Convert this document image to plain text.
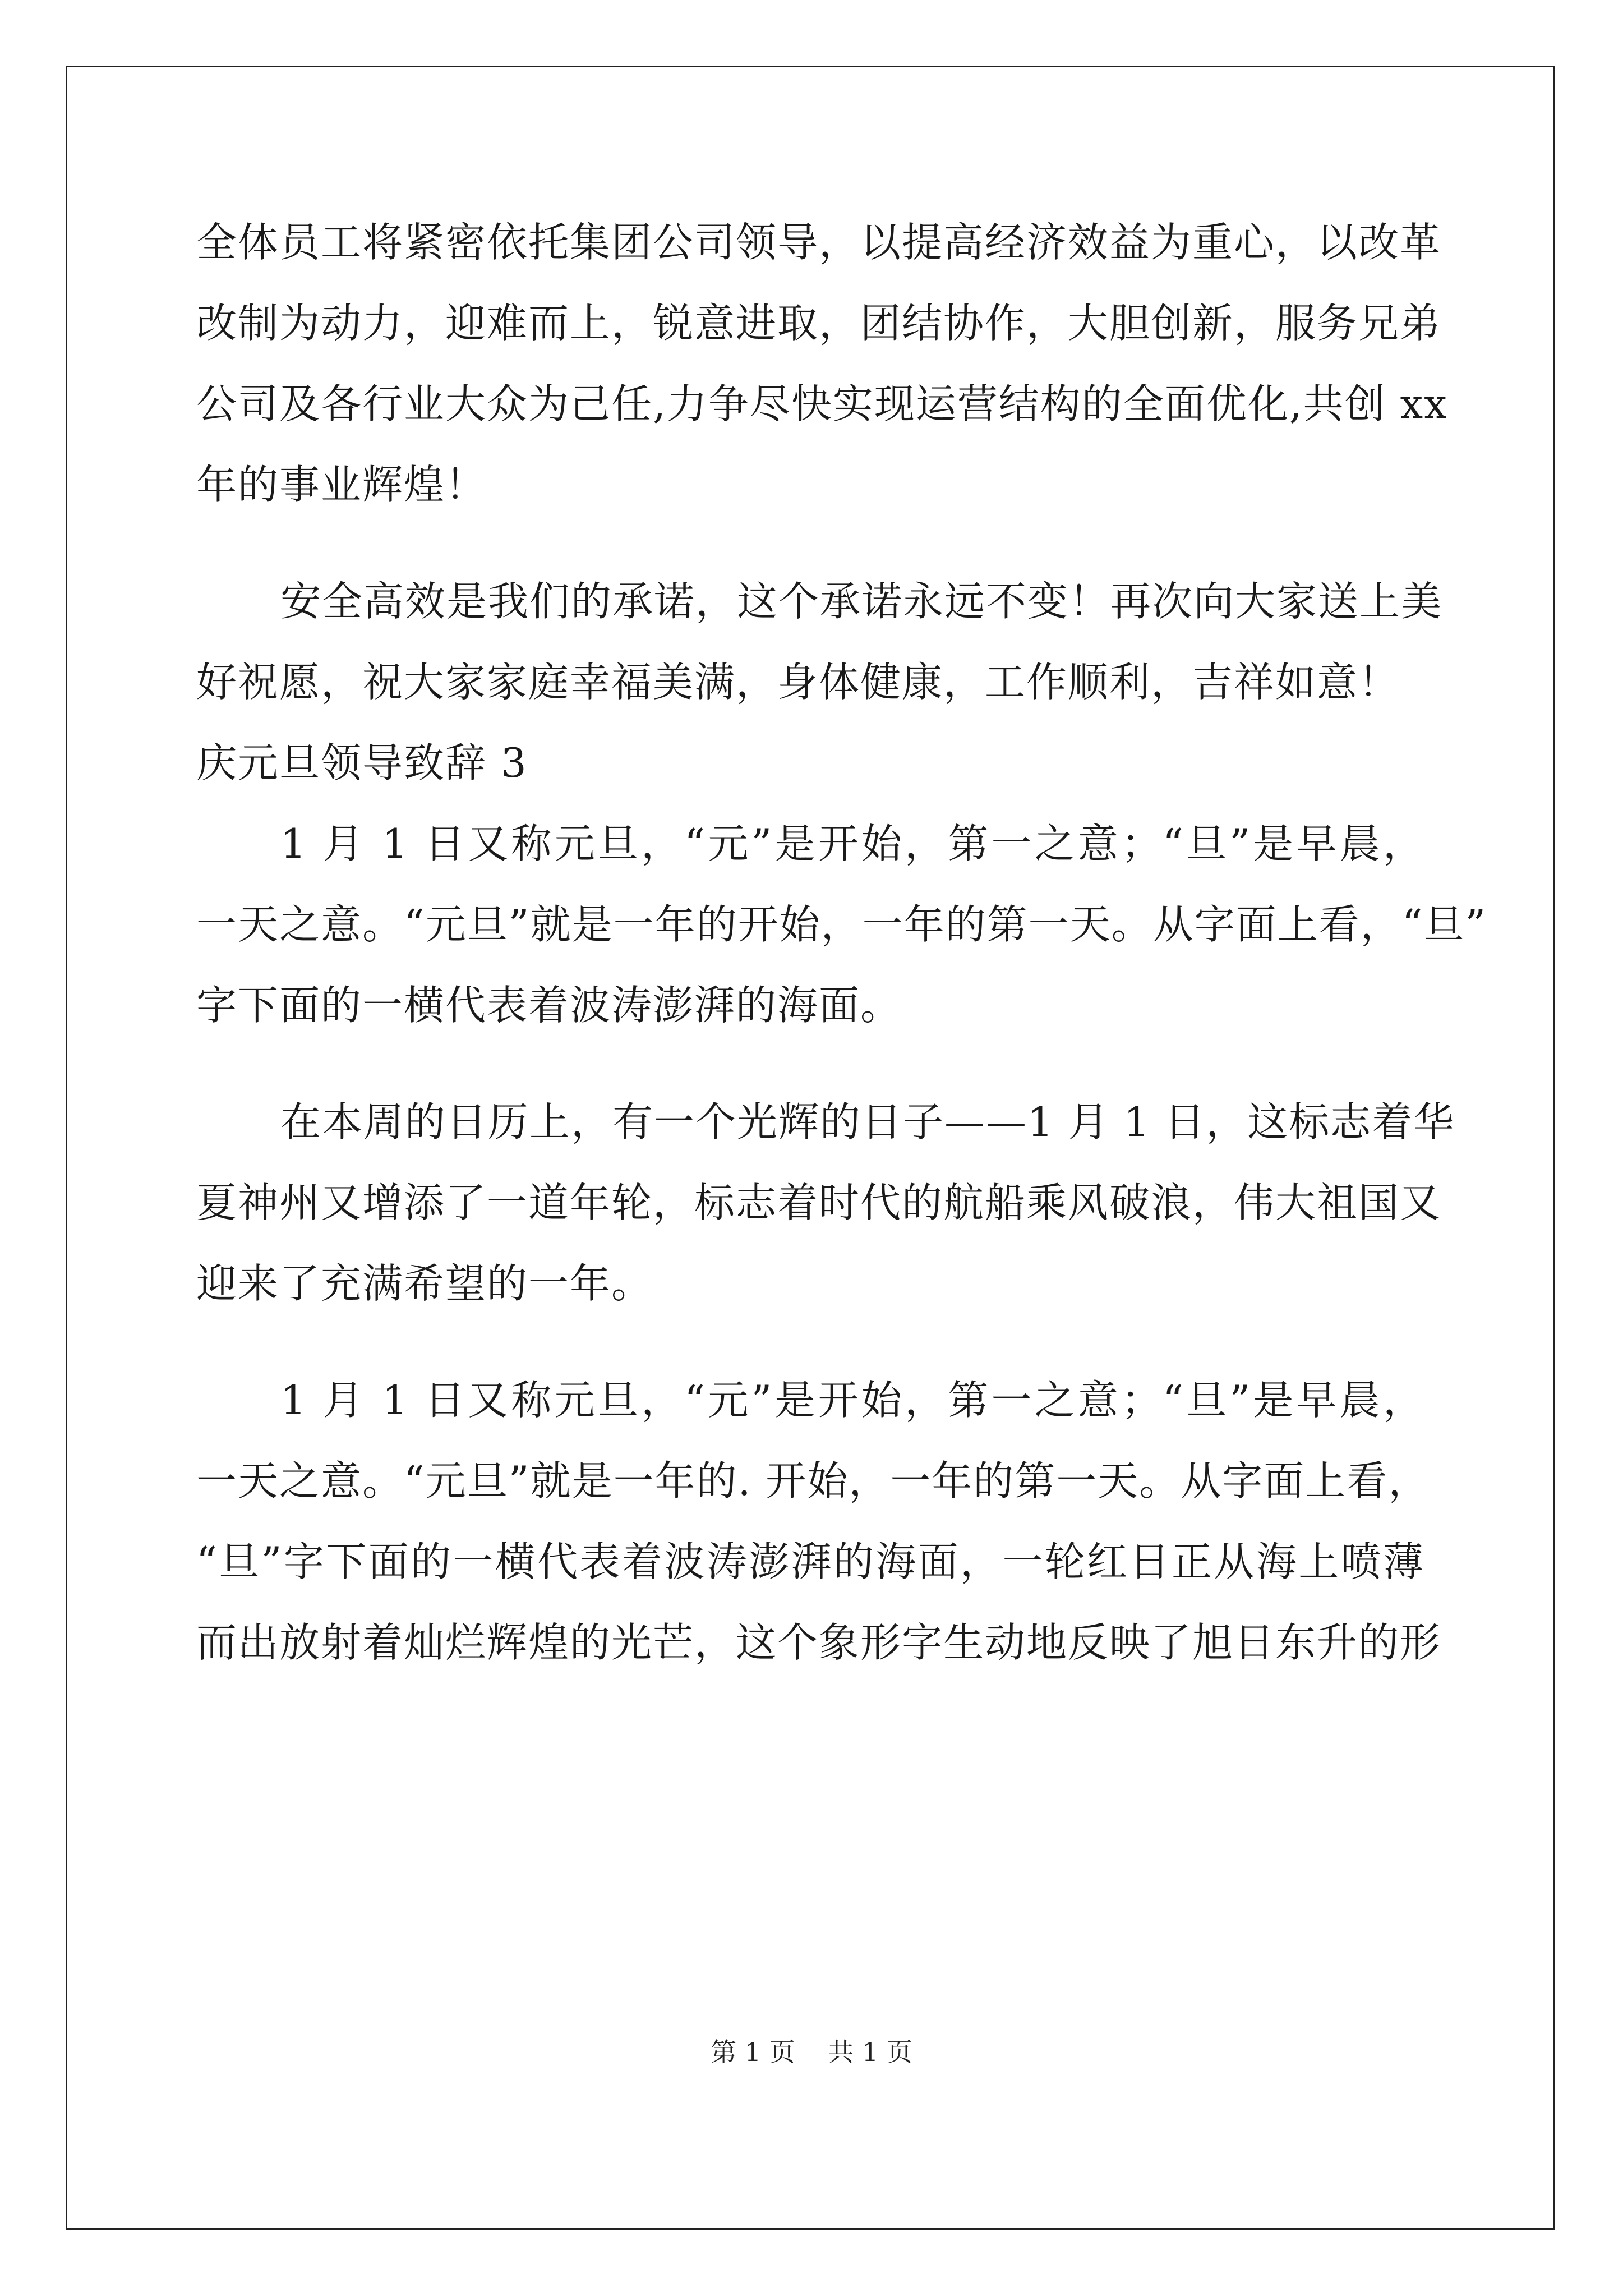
全体员工将紧密依托集团公司领导，以提高经济效益为重心，以改革
改制为动力，迎难而上，锐意进取，团结协作，大胆创新，服务兄弟
公司及各行业大众为己任,力争尽快实现运营结构的全面优化,共创 xx
年的事业辉煌！
安全高效是我们的承诺，这个承诺永远不变！再次向大家送上美
好祝愿，祝大家家庭幸福美满，身体健康，工作顺利，吉祥如意！
庆元旦领导致辞 3
1 月 1 日又称元旦，“元”是开始，第一之意；“旦”是早晨，
一天之意。“元旦”就是一年的开始，一年的第一天。从字面上看，“旦”
字下面的一横代表着波涛澎湃的海面。
在本周的日历上，有一个光辉的日子——1 月 1 日，这标志着华
夏神州又增添了一道年轮，标志着时代的航船乘风破浪，伟大祖国又
迎来了充满希望的一年。
1 月 1 日又称元旦，“元”是开始，第一之意；“旦”是早晨，
一天之意。“元旦”就是一年的. 开始，一年的第一天。从字面上看，
“旦”字下面的一横代表着波涛澎湃的海面，一轮红日正从海上喷薄
而出放射着灿烂辉煌的光芒，这个象形字生动地反映了旭日东升的形
第 1 页 共 1 页
